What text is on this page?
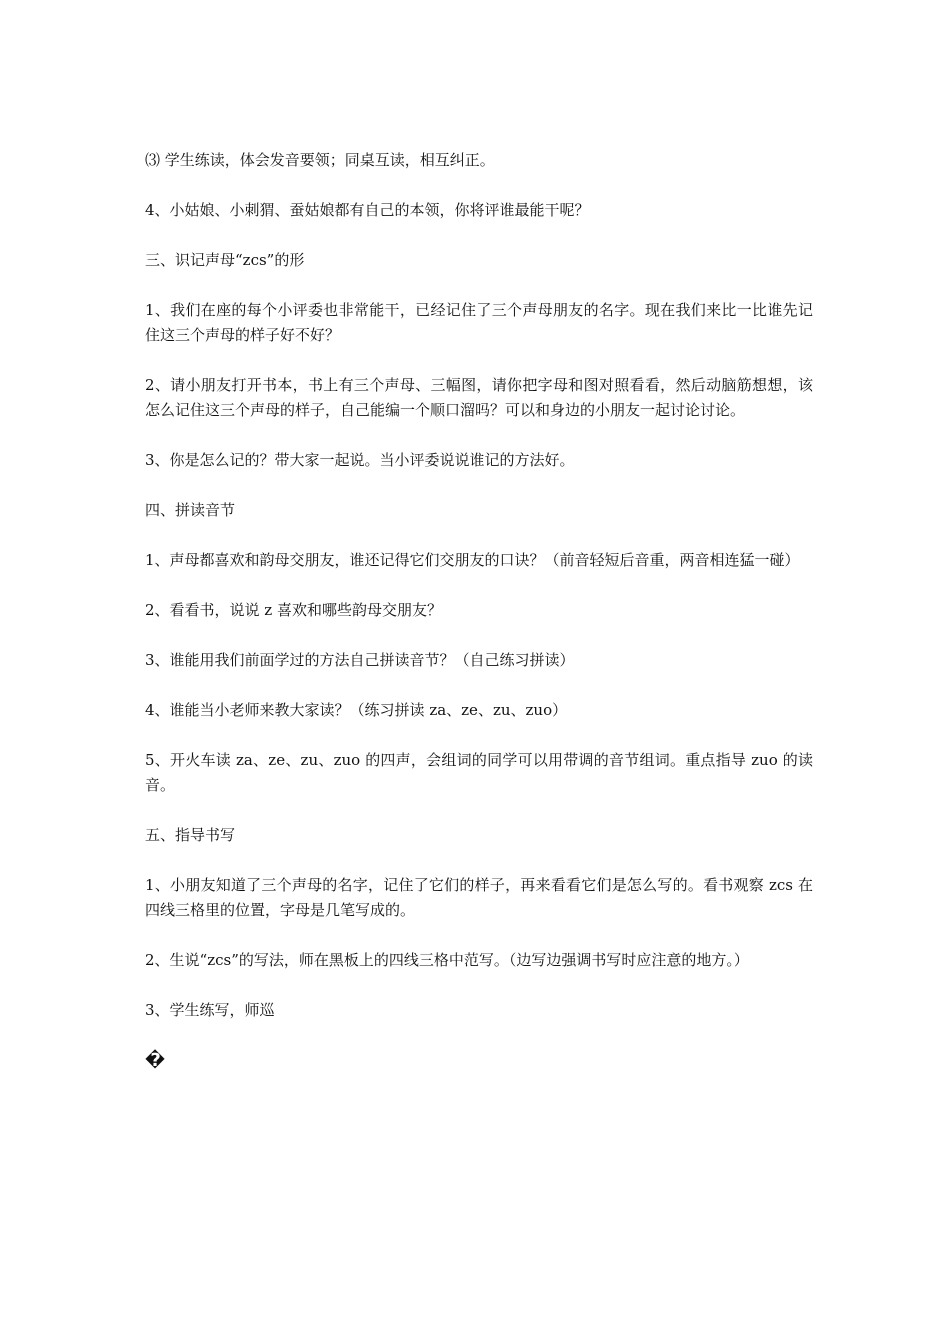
⑶ 学生练读，体会发音要领；同桌互读，相互纠正。

4、小姑娘、小刺猬、蚕姑娘都有自己的本领，你将评谁最能干呢？

三、识记声母“zcs”的形

1、我们在座的每个小评委也非常能干，已经记住了三个声母朋友的名字。现在我们来比一比谁先记住这三个声母的样子好不好？

2、请小朋友打开书本，书上有三个声母、三幅图，请你把字母和图对照看看，然后动脑筋想想，该怎么记住这三个声母的样子，自己能编一个顺口溜吗？可以和身边的小朋友一起讨论讨论。

3、你是怎么记的？带大家一起说。当小评委说说谁记的方法好。

四、拼读音节

1、声母都喜欢和韵母交朋友，谁还记得它们交朋友的口诀？（前音轻短后音重，两音相连猛一碰）

2、看看书，说说 z 喜欢和哪些韵母交朋友？

3、谁能用我们前面学过的方法自己拼读音节？（自己练习拼读）

4、谁能当小老师来教大家读？（练习拼读 za、ze、zu、zuo）

5、开火车读 za、ze、zu、zuo 的四声，会组词的同学可以用带调的音节组词。重点指导 zuo 的读音。

五、指导书写

1、小朋友知道了三个声母的名字，记住了它们的样子，再来看看它们是怎么写的。看书观察 zcs 在四线三格里的位置，字母是几笔写成的。

2、生说“zcs”的写法，师在黑板上的四线三格中范写。（边写边强调书写时应注意的地方。）

3、学生练写，师巡

�
